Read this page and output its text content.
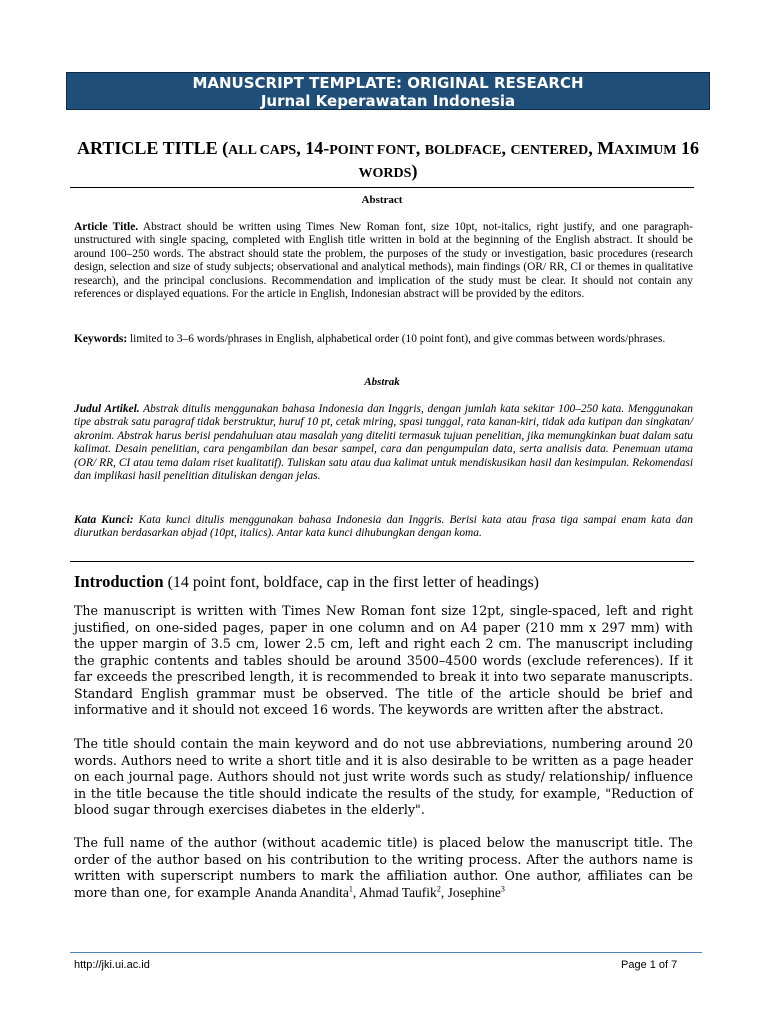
MANUSCRIPT TEMPLATE: ORIGINAL RESEARCH
Jurnal Keperawatan Indonesia
ARTICLE TITLE (ALL CAPS, 14-POINT FONT, BOLDFACE, CENTERED, MAXIMUM 16 WORDS)
Abstract
Article Title. Abstract should be written using Times New Roman font, size 10pt, not-italics, right justify, and one paragraph-unstructured with single spacing, completed with English title written in bold at the beginning of the English abstract. It should be around 100–250 words. The abstract should state the problem, the purposes of the study or investigation, basic procedures (research design, selection and size of study subjects; observational and analytical methods), main findings (OR/ RR, CI or themes in qualitative research), and the principal conclusions. Recommendation and implication of the study must be clear. It should not contain any references or displayed equations. For the article in English, Indonesian abstract will be provided by the editors.
Keywords: limited to 3–6 words/phrases in English, alphabetical order (10 point font), and give commas between words/phrases.
Abstrak
Judul Artikel. Abstrak ditulis menggunakan bahasa Indonesia dan Inggris, dengan jumlah kata sekitar 100–250 kata. Menggunakan tipe abstrak satu paragraf tidak berstruktur, huruf 10 pt, cetak miring, spasi tunggal, rata kanan-kiri, tidak ada kutipan dan singkatan/ akronim. Abstrak harus berisi pendahuluan atau masalah yang diteliti termasuk tujuan penelitian, jika memungkinkan buat dalam satu kalimat. Desain penelitian, cara pengambilan dan besar sampel, cara dan pengumpulan data, serta analisis data. Penemuan utama (OR/ RR, CI atau tema dalam riset kualitatif). Tuliskan satu atau dua kalimat untuk mendiskusikan hasil dan kesimpulan. Rekomendasi dan implikasi hasil penelitian dituliskan dengan jelas.
Kata Kunci: Kata kunci ditulis menggunakan bahasa Indonesia dan Inggris. Berisi kata atau frasa tiga sampai enam kata dan diurutkan berdasarkan abjad (10pt, italics). Antar kata kunci dihubungkan dengan koma.
Introduction (14 point font, boldface, cap in the first letter of headings)
The manuscript is written with Times New Roman font size 12pt, single-spaced, left and right justified, on one-sided pages, paper in one column and on A4 paper (210 mm x 297 mm) with the upper margin of 3.5 cm, lower 2.5 cm, left and right each 2 cm. The manuscript including the graphic contents and tables should be around 3500–4500 words (exclude references). If it far exceeds the prescribed length, it is recommended to break it into two separate manuscripts. Standard English grammar must be observed. The title of the article should be brief and informative and it should not exceed 16 words. The keywords are written after the abstract.
The title should contain the main keyword and do not use abbreviations, numbering around 20 words. Authors need to write a short title and it is also desirable to be written as a page header on each journal page. Authors should not just write words such as study/ relationship/ influence in the title because the title should indicate the results of the study, for example, "Reduction of blood sugar through exercises diabetes in the elderly".
The full name of the author (without academic title) is placed below the manuscript title. The order of the author based on his contribution to the writing process. After the authors name is written with superscript numbers to mark the affiliation author. One author, affiliates can be more than one, for example Ananda Anandita$^1$, Ahmad Taufik$^2$, Josephine$^3$
http://jki.ui.ac.id	Page 1 of 7
